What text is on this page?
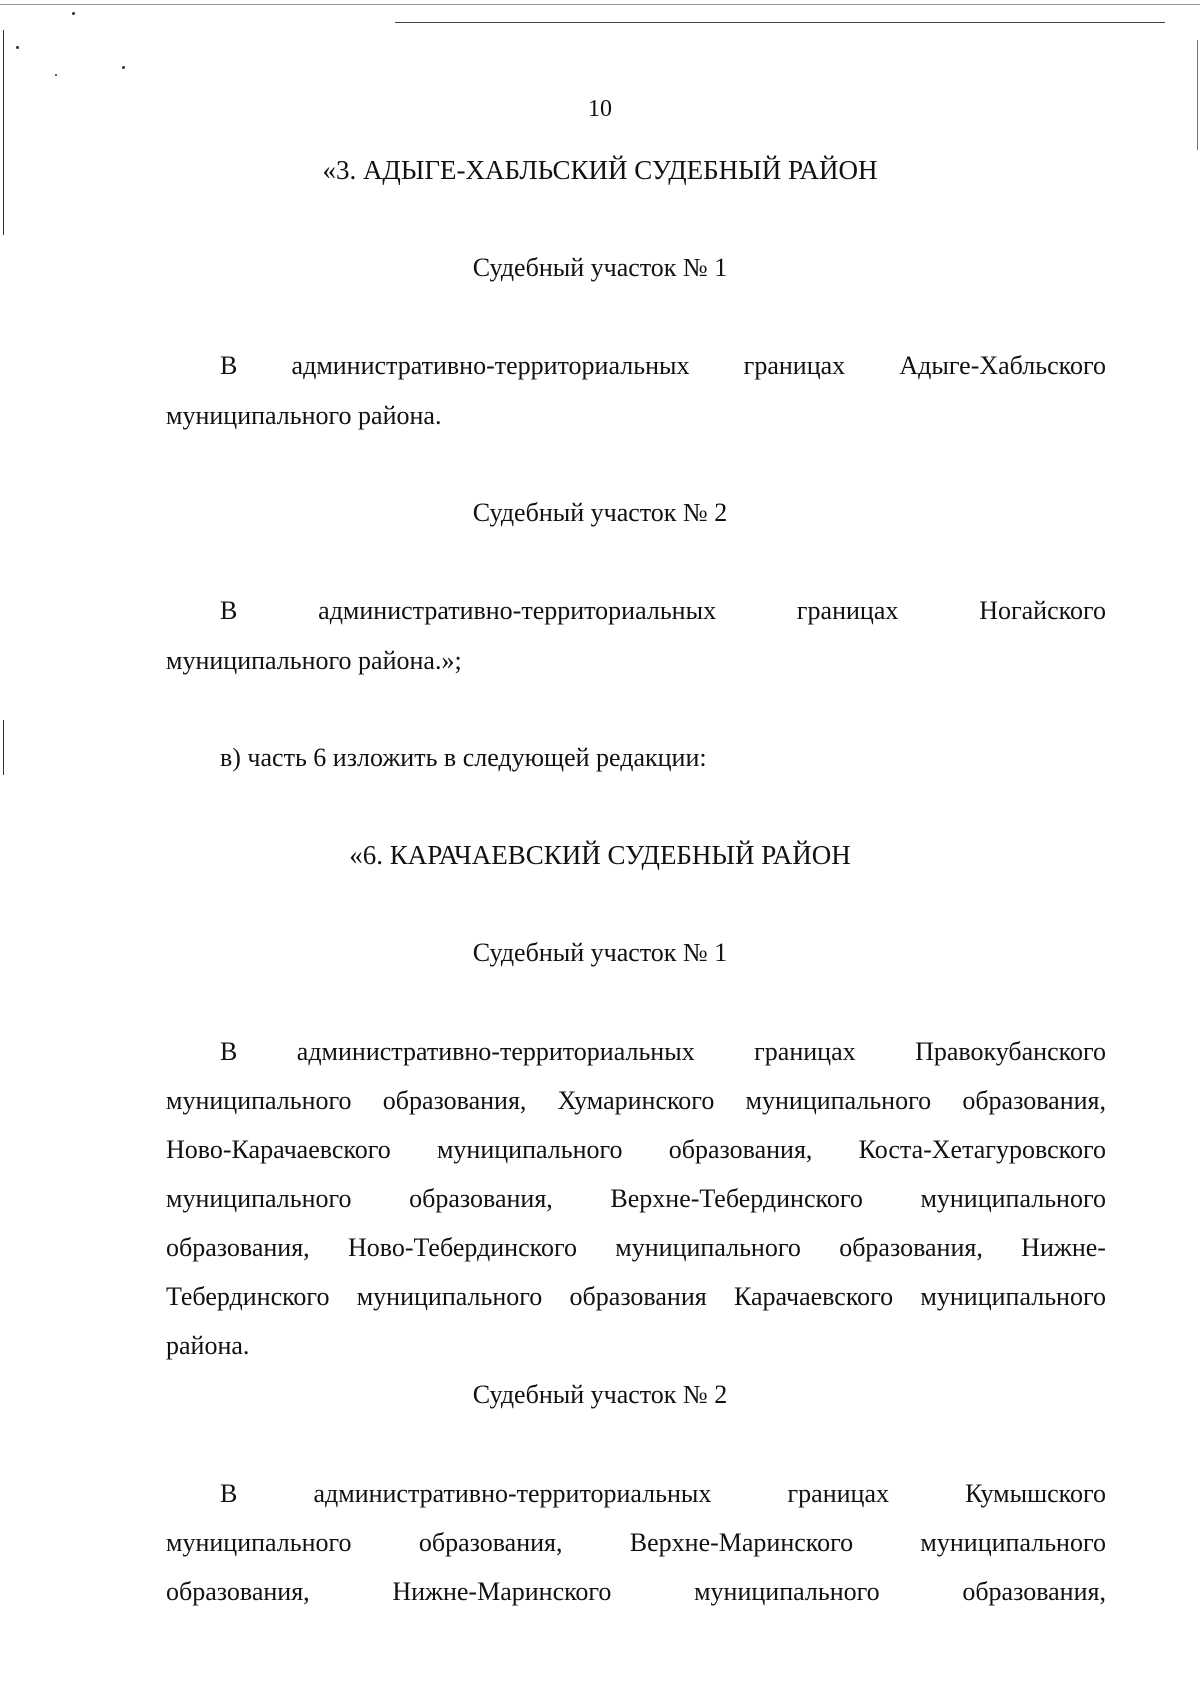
10
«3. АДЫГЕ-ХАБЛЬСКИЙ СУДЕБНЫЙ РАЙОН
Судебный участок № 1
В административно-территориальных границах Адыге-Хабльского
муниципального района.
Судебный участок № 2
В	административно-территориальных	границах	Ногайского
муниципального района.»;
в) часть 6 изложить в следующей редакции:
«6. КАРАЧАЕВСКИЙ СУДЕБНЫЙ РАЙОН
Судебный участок № 1
В административно-территориальных границах Правокубанского
муниципального образования, Хумаринского муниципального образования,
Ново-Карачаевского муниципального образования, Коста-Хетагуровского
муниципального образования, Верхне-Тебердинского муниципального
образования, Ново-Тебердинского муниципального образования, Нижне-
Тебердинского муниципального образования Карачаевского муниципального
района.
Судебный участок № 2
В	административно-территориальных	границах	Кумышского
муниципального	образования,	Верхне-Маринского	муниципального
образования,	Нижне-Маринского	муниципального	образования,
